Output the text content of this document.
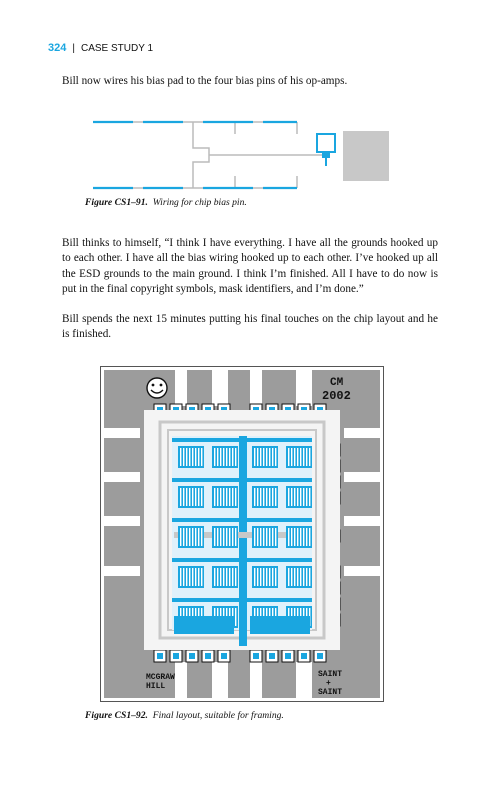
324 | CASE STUDY 1
Bill now wires his bias pad to the four bias pins of his op-amps.
Figure CS1–91. Wiring for chip bias pin.
Bill thinks to himself, “I think I have everything. I have all the grounds hooked up to each other. I have all the bias wiring hooked up to each other. I’ve hooked up all the ESD grounds to the main ground. I think I’m finished. All I have to do now is put in the final copyright symbols, mask identifiers, and I’m done.”
Bill spends the next 15 minutes putting his final touches on the chip layout and he is finished.
CM
2002
MCGRAW
HILL
SAINT
+
SAINT
Figure CS1–92. Final layout, suitable for framing.
